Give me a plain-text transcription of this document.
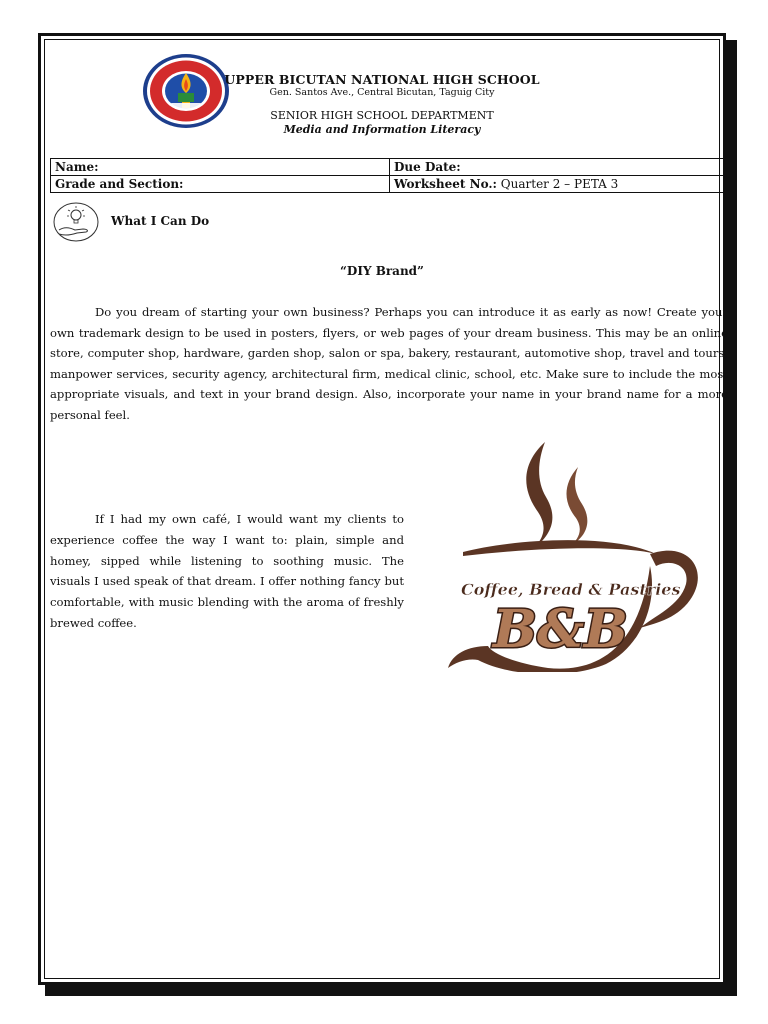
UPPER BICUTAN NATIONAL HIGH SCHOOL
Gen. Santos Ave., Central Bicutan, Taguig City
SENIOR HIGH SCHOOL DEPARTMENT
Media and Information Literacy
Name:	Due Date:
Grade and Section:	Worksheet No.: Quarter 2 – PETA 3
What I Can Do
“DIY Brand”

Do you dream of starting your own business? Perhaps you can introduce it as early as now! Create your own trademark design to be used in posters, flyers, or web pages of your dream business. This may be an online store, computer shop, hardware, garden shop, salon or spa, bakery, restaurant, automotive shop, travel and tours, manpower services, security agency, architectural firm, medical clinic, school, etc. Make sure to include the most appropriate visuals, and text in your brand design. Also, incorporate your name in your brand name for a more personal feel.

If I had my own café, I would want my clients to experience coffee the way I want to: plain, simple and homey, sipped while listening to soothing music. The visuals I used speak of that dream. I offer nothing fancy but comfortable, with music blending with the aroma of freshly brewed coffee.

Coffee, Bread & Pastries
B&B
